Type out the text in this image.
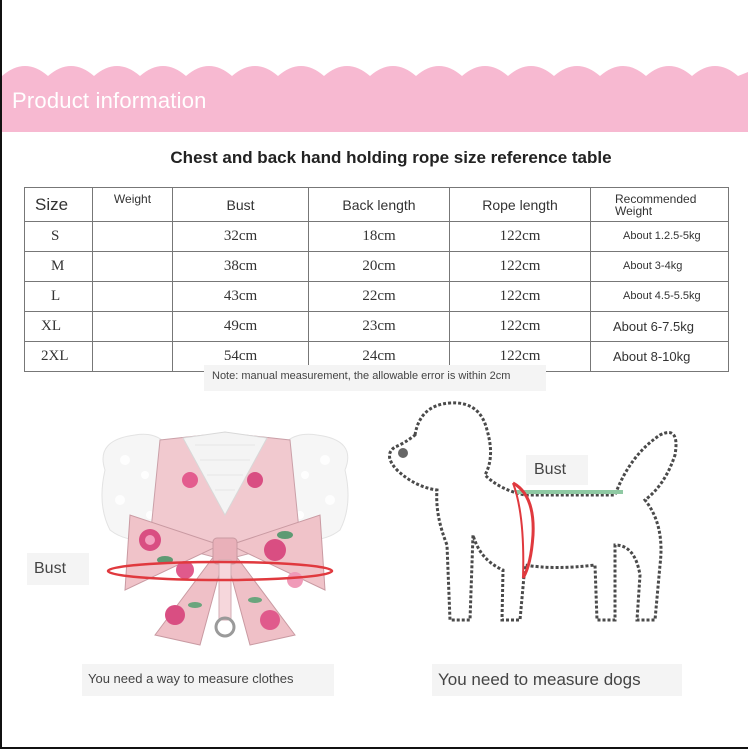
Product information
Chest and back hand holding rope size reference table
Size	Weight	Bust	Back length	Rope length	Recommended Weight
S		32cm	18cm	122cm	About 1.2.5-5kg
M		38cm	20cm	122cm	About 3-4kg
L		43cm	22cm	122cm	About 4.5-5.5kg
XL		49cm	23cm	122cm	About 6-7.5kg
2XL		54cm	24cm	122cm	About 8-10kg
Note: manual measurement, the allowable error is within 2cm
Bust
You need a way to measure clothes
Bust
You need to measure dogs
